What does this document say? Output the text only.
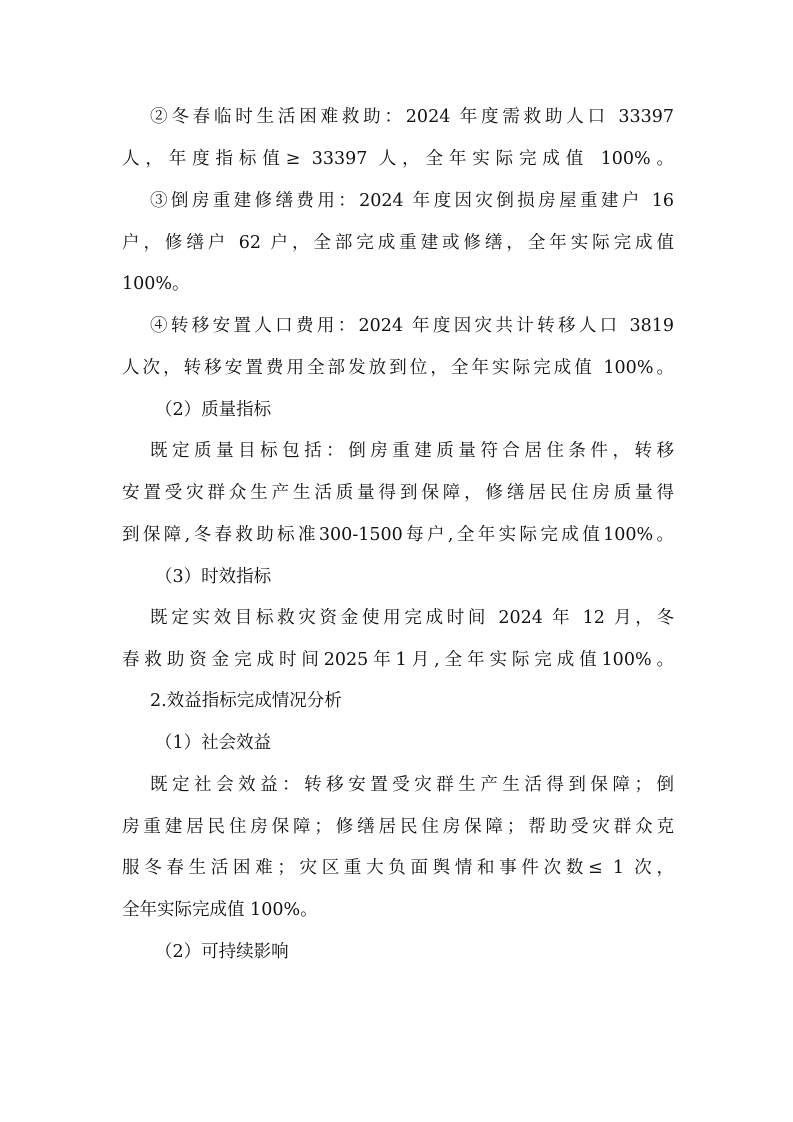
②冬春临时生活困难救助：2024 年度需救助人口 33397
人，年度指标值≥ 33397 人，全年实际完成值 100%。
③倒房重建修缮费用：2024 年度因灾倒损房屋重建户 16
户，修缮户 62 户，全部完成重建或修缮，全年实际完成值
100%。
④转移安置人口费用：2024 年度因灾共计转移人口 3819
人次，转移安置费用全部发放到位，全年实际完成值 100%。
（2）质量指标
既定质量目标包括：倒房重建质量符合居住条件，转移
安置受灾群众生产生活质量得到保障，修缮居民住房质量得
到保障,冬春救助标准300-1500每户,全年实际完成值100%。
（3）时效指标
既定实效目标救灾资金使用完成时间 2024 年 12 月，冬
春救助资金完成时间2025年1月,全年实际完成值100%。
2.效益指标完成情况分析
（1）社会效益
既定社会效益：转移安置受灾群生产生活得到保障；倒
房重建居民住房保障；修缮居民住房保障；帮助受灾群众克
服冬春生活困难；灾区重大负面舆情和事件次数≤ 1 次，
全年实际完成值 100%。
（2）可持续影响
